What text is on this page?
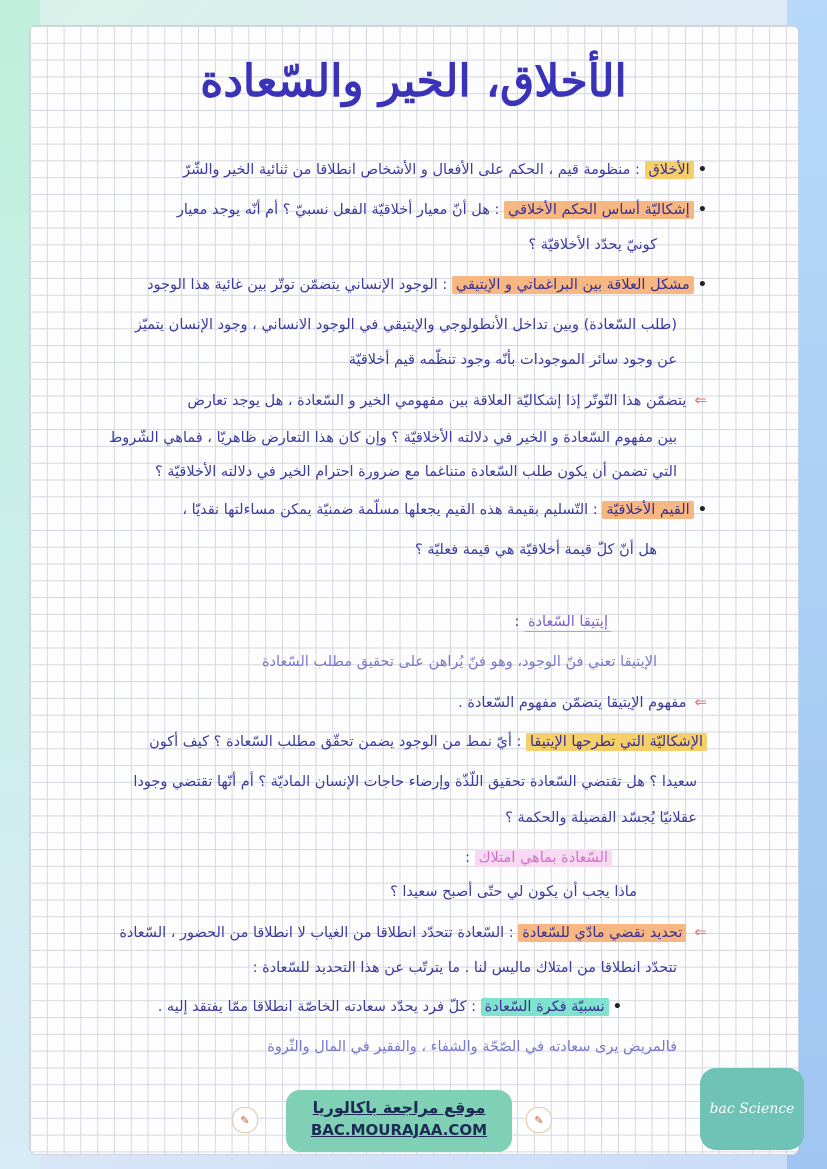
الأخلاق، الخير والسّعادة
•الأخلاق : منظومة قيم ، الحكم على الأفعال و الأشخاص انطلاقا من ثنائية الخير والشّرّ
•إشكاليّة أساس الحكم الأخلاقي : هل أنّ معيار أخلاقيّة الفعل نسبيّ ؟ أم أنّه يوجد معيار
كونيّ يحدّد الأخلاقيّة ؟
•مشكل العلاقة بين البراغماتي و الإيتيقي : الوجود الإنساني يتضمّن توتّر بين غائية هذا الوجود
(طلب السّعادة) وبين تداخل الأنطولوجي والإيتيقي في الوجود الانساني ، وجود الإنسان يتميّز
عن وجود سائر الموجودات بأنّه وجود تنظّمه قيم أخلاقيّة
⇐يتضمّن هذا التّوتّر إذا إشكاليّة العلاقة بين مفهومي الخير و السّعادة ، هل يوجد تعارض
بين مفهوم السّعادة و الخير في دلالته الأخلاقيّة ؟ وإن كان هذا التعارض ظاهريّا ، فماهي الشّروط
التي تضمن أن يكون طلب السّعادة متناغما مع ضرورة احترام الخير في دلالته الأخلاقيّة ؟
•القيم الأخلاقيّة : التّسليم بقيمة هذه القيم يجعلها مسلّمة ضمنيّة يمكن مساءلتها نقديّا ،
هل أنّ كلّ قيمة أخلاقيّة هي قيمة فعليّة ؟
إيتيقا السّعادة :
الإيتيقا تعني فنّ الوجود، وهو فنّ يُراهن على تحقيق مطلب السّعادة
⇐مفهوم الإيتيقا يتضمّن مفهوم السّعادة .
الإشكاليّة التي تطرحها الإيتيقا : أيّ نمط من الوجود يضمن تحقّق مطلب السّعادة ؟ كيف أكون
سعيدا ؟ هل تقتضي السّعادة تحقيق اللّذّة وإرضاء حاجات الإنسان الماديّة ؟ أم أنّها تقتضي وجودا
عقلانيّا يُجسّد الفضيلة والحكمة ؟
السّعادة بماهي امتلاك :
ماذا يجب أن يكون لي حتّى أصبح سعيدا ؟
⇐تحديد نقضي مادّي للسّعادة : السّعادة تتحدّد انطلاقا من الغياب لا انطلاقا من الحضور ، السّعادة
تتحدّد انطلاقا من امتلاك ماليس لنا . ما يترتّب عن هذا التحديد للسّعادة :
•نسبيّة فكرة السّعادة : كلّ فرد يحدّد سعادته الخاصّة انطلاقا ممّا يفتقد إليه .
فالمريض يرى سعادته في الصّحّة والشفاء ، والفقير في المال والثّروة
موقع مراجعة باكالوريا
BAC.MOURAJAA.COM
✎	✎
bac Science
